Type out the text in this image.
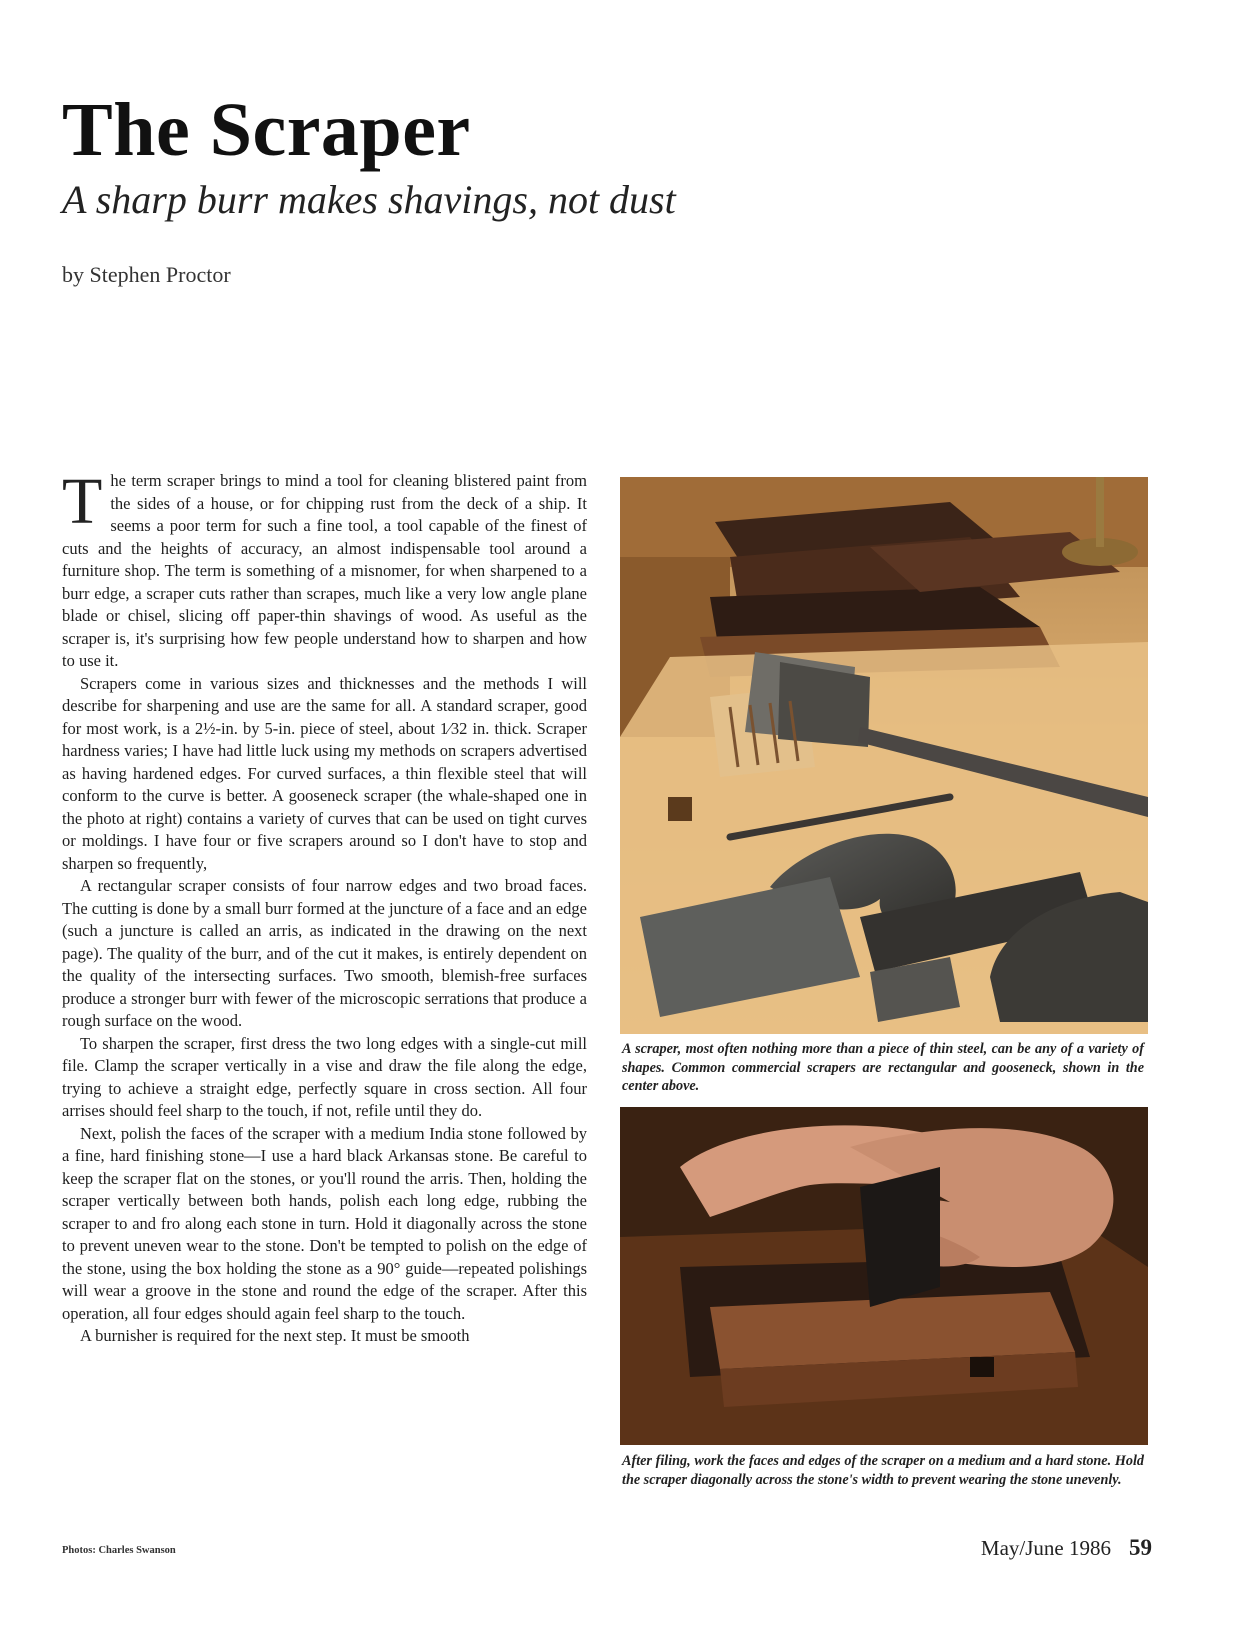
The Scraper

A sharp burr makes shavings, not dust

by Stephen Proctor

The term scraper brings to mind a tool for cleaning blistered paint from the sides of a house, or for chipping rust from the deck of a ship. It seems a poor term for such a fine tool, a tool capable of the finest of cuts and the heights of accuracy, an almost indispensable tool around a furniture shop. The term is something of a misnomer, for when sharpened to a burr edge, a scraper cuts rather than scrapes, much like a very low angle plane blade or chisel, slicing off paper-thin shavings of wood. As useful as the scraper is, it's surprising how few people understand how to sharpen and how to use it.

Scrapers come in various sizes and thicknesses and the methods I will describe for sharpening and use are the same for all. A standard scraper, good for most work, is a 2½-in. by 5-in. piece of steel, about 1⁄32 in. thick. Scraper hardness varies; I have had little luck using my methods on scrapers advertised as having hardened edges. For curved surfaces, a thin flexible steel that will conform to the curve is better. A gooseneck scraper (the whale-shaped one in the photo at right) contains a variety of curves that can be used on tight curves or moldings. I have four or five scrapers around so I don't have to stop and sharpen so frequently,

A rectangular scraper consists of four narrow edges and two broad faces. The cutting is done by a small burr formed at the juncture of a face and an edge (such a juncture is called an arris, as indicated in the drawing on the next page). The quality of the burr, and of the cut it makes, is entirely dependent on the quality of the intersecting surfaces. Two smooth, blemish-free surfaces produce a stronger burr with fewer of the microscopic serrations that produce a rough surface on the wood.

To sharpen the scraper, first dress the two long edges with a single-cut mill file. Clamp the scraper vertically in a vise and draw the file along the edge, trying to achieve a straight edge, perfectly square in cross section. All four arrises should feel sharp to the touch, if not, refile until they do.

Next, polish the faces of the scraper with a medium India stone followed by a fine, hard finishing stone—I use a hard black Arkansas stone. Be careful to keep the scraper flat on the stones, or you'll round the arris. Then, holding the scraper vertically between both hands, polish each long edge, rubbing the scraper to and fro along each stone in turn. Hold it diagonally across the stone to prevent uneven wear to the stone. Don't be tempted to polish on the edge of the stone, using the box holding the stone as a 90° guide—repeated polishings will wear a groove in the stone and round the edge of the scraper. After this operation, all four edges should again feel sharp to the touch.

A burnisher is required for the next step. It must be smooth

A scraper, most often nothing more than a piece of thin steel, can be any of a variety of shapes. Common commercial scrapers are rectangular and gooseneck, shown in the center above.

After filing, work the faces and edges of the scraper on a medium and a hard stone. Hold the scraper diagonally across the stone's width to prevent wearing the stone unevenly.

Photos: Charles Swanson	May/June 1986 59
